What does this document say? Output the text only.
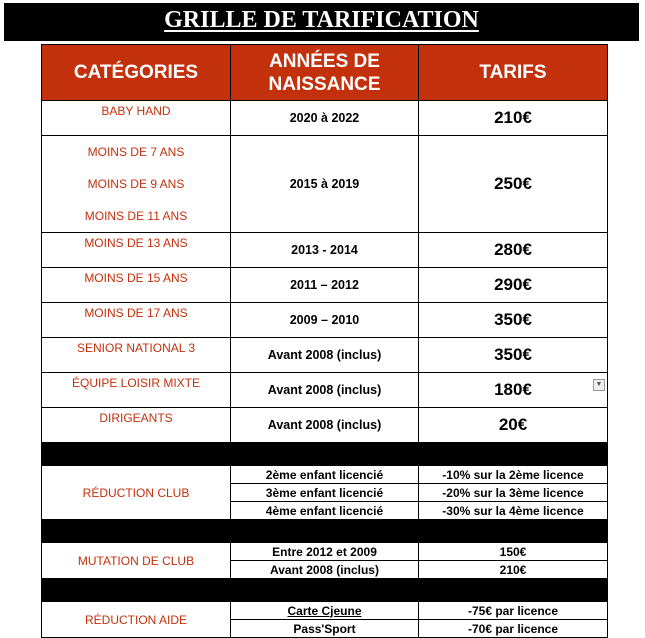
GRILLE DE TARIFICATION
CATÉGORIES	ANNÉES DE NAISSANCE	TARIFS
BABY HAND	2020 à 2022	210€

MOINS DE 7 ANS
MOINS DE 9 ANS
MOINS DE 11 ANS	2015 à 2019	250€
MOINS DE 13 ANS	2013 - 2014	280€
MOINS DE 15 ANS	2011 – 2012	290€
MOINS DE 17 ANS	2009 – 2010	350€
SENIOR NATIONAL 3	Avant 2008 (inclus)	350€
ÉQUIPE LOISIR MIXTE	Avant 2008 (inclus)	180€ ▼

DIRIGEANTS	Avant 2008 (inclus)	20€

RÉDUCTION CLUB	2ème enfant licencié	-10% sur la 2ème licence
	3ème enfant licencié	-20% sur la 3ème licence
	4ème enfant licencié	-30% sur la 4ème licence

MUTATION DE CLUB	Entre 2012 et 2009	150€
	Avant 2008 (inclus)	210€

RÉDUCTION AIDE	Carte Cjeune	-75€ par licence
	Pass'Sport	-70€ par licence
